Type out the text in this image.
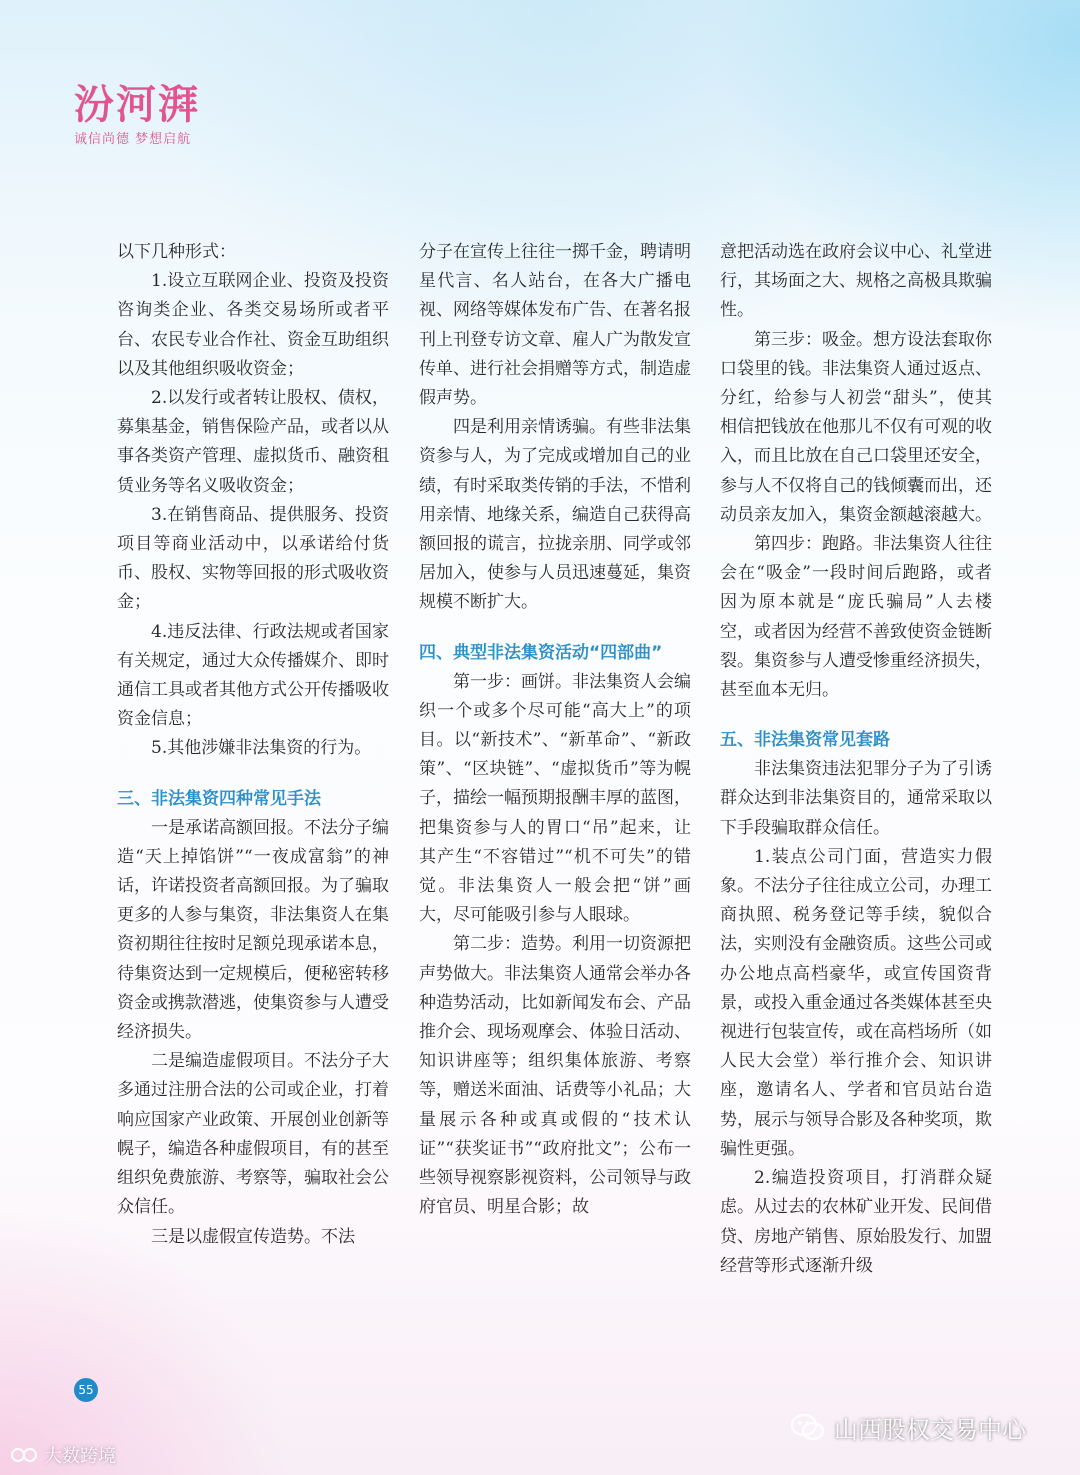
汾河湃
诚信尚德 梦想启航

以下几种形式：

1.设立互联网企业、投资及投资咨询类企业、各类交易场所或者平台、农民专业合作社、资金互助组织以及其他组织吸收资金；

2.以发行或者转让股权、债权，募集基金，销售保险产品，或者以从事各类资产管理、虚拟货币、融资租赁业务等名义吸收资金；

3.在销售商品、提供服务、投资项目等商业活动中，以承诺给付货币、股权、实物等回报的形式吸收资金；

4.违反法律、行政法规或者国家有关规定，通过大众传播媒介、即时通信工具或者其他方式公开传播吸收资金信息；

5.其他涉嫌非法集资的行为。

三、非法集资四种常见手法

一是承诺高额回报。不法分子编造“天上掉馅饼”“一夜成富翁”的神话，许诺投资者高额回报。为了骗取更多的人参与集资，非法集资人在集资初期往往按时足额兑现承诺本息，待集资达到一定规模后，便秘密转移资金或携款潜逃，使集资参与人遭受经济损失。

二是编造虚假项目。不法分子大多通过注册合法的公司或企业，打着响应国家产业政策、开展创业创新等幌子，编造各种虚假项目，有的甚至组织免费旅游、考察等，骗取社会公众信任。

三是以虚假宣传造势。不法

分子在宣传上往往一掷千金，聘请明星代言、名人站台，在各大广播电视、网络等媒体发布广告、在著名报刊上刊登专访文章、雇人广为散发宣传单、进行社会捐赠等方式，制造虚假声势。

四是利用亲情诱骗。有些非法集资参与人，为了完成或增加自己的业绩，有时采取类传销的手法，不惜利用亲情、地缘关系，编造自己获得高额回报的谎言，拉拢亲朋、同学或邻居加入，使参与人员迅速蔓延，集资规模不断扩大。

四、典型非法集资活动“四部曲”

第一步：画饼。非法集资人会编织一个或多个尽可能“高大上”的项目。以“新技术”、“新革命”、“新政策”、“区块链”、“虚拟货币”等为幌子，描绘一幅预期报酬丰厚的蓝图，把集资参与人的胃口“吊”起来，让其产生“不容错过”“机不可失”的错觉。非法集资人一般会把“饼”画大，尽可能吸引参与人眼球。

第二步：造势。利用一切资源把声势做大。非法集资人通常会举办各种造势活动，比如新闻发布会、产品推介会、现场观摩会、体验日活动、知识讲座等；组织集体旅游、考察等，赠送米面油、话费等小礼品；大量展示各种或真或假的“技术认证”“获奖证书”“政府批文”；公布一些领导视察影视资料，公司领导与政府官员、明星合影；故

意把活动选在政府会议中心、礼堂进行，其场面之大、规格之高极具欺骗性。

第三步：吸金。想方设法套取你口袋里的钱。非法集资人通过返点、分红，给参与人初尝“甜头”，使其相信把钱放在他那儿不仅有可观的收入，而且比放在自己口袋里还安全，参与人不仅将自己的钱倾囊而出，还动员亲友加入，集资金额越滚越大。

第四步：跑路。非法集资人往往会在“吸金”一段时间后跑路，或者因为原本就是“庞氏骗局”人去楼空，或者因为经营不善致使资金链断裂。集资参与人遭受惨重经济损失，甚至血本无归。

五、非法集资常见套路

非法集资违法犯罪分子为了引诱群众达到非法集资目的，通常采取以下手段骗取群众信任。

1.装点公司门面，营造实力假象。不法分子往往成立公司，办理工商执照、税务登记等手续，貌似合法，实则没有金融资质。这些公司或办公地点高档豪华，或宣传国资背景，或投入重金通过各类媒体甚至央视进行包装宣传，或在高档场所（如人民大会堂）举行推介会、知识讲座，邀请名人、学者和官员站台造势，展示与领导合影及各种奖项，欺骗性更强。

2.编造投资项目，打消群众疑虑。从过去的农林矿业开发、民间借贷、房地产销售、原始股发行、加盟经营等形式逐渐升级

55
大数跨境
山西股权交易中心
